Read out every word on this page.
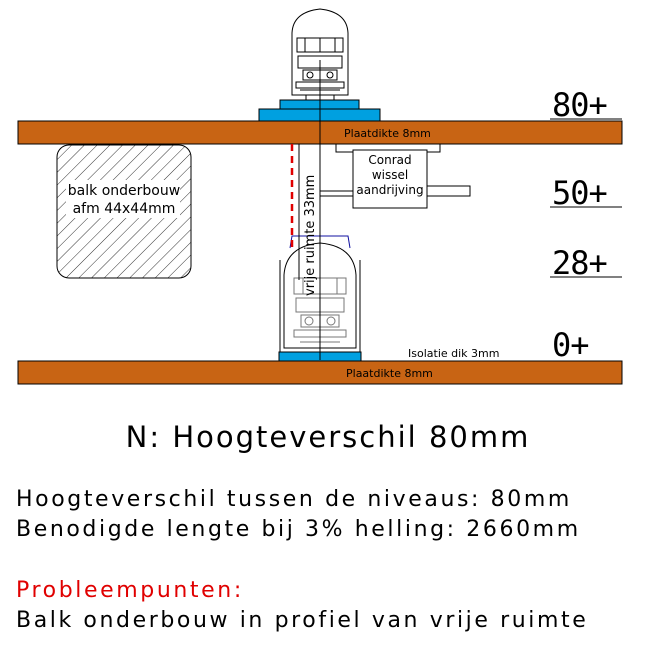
Plaatdikte 8mm
Plaatdikte 8mm
vrije ruimte 33mm
Conrad
wissel
aandrijving
balk onderbouw
afm 44x44mm
Isolatie dik 3mm
80+
50+
28+
0+
N: Hoogteverschil 80mm
Hoogteverschil tussen de niveaus: 80mm
Benodigde lengte bij 3% helling: 2660mm
Probleempunten:
Balk onderbouw in profiel van vrije ruimte
